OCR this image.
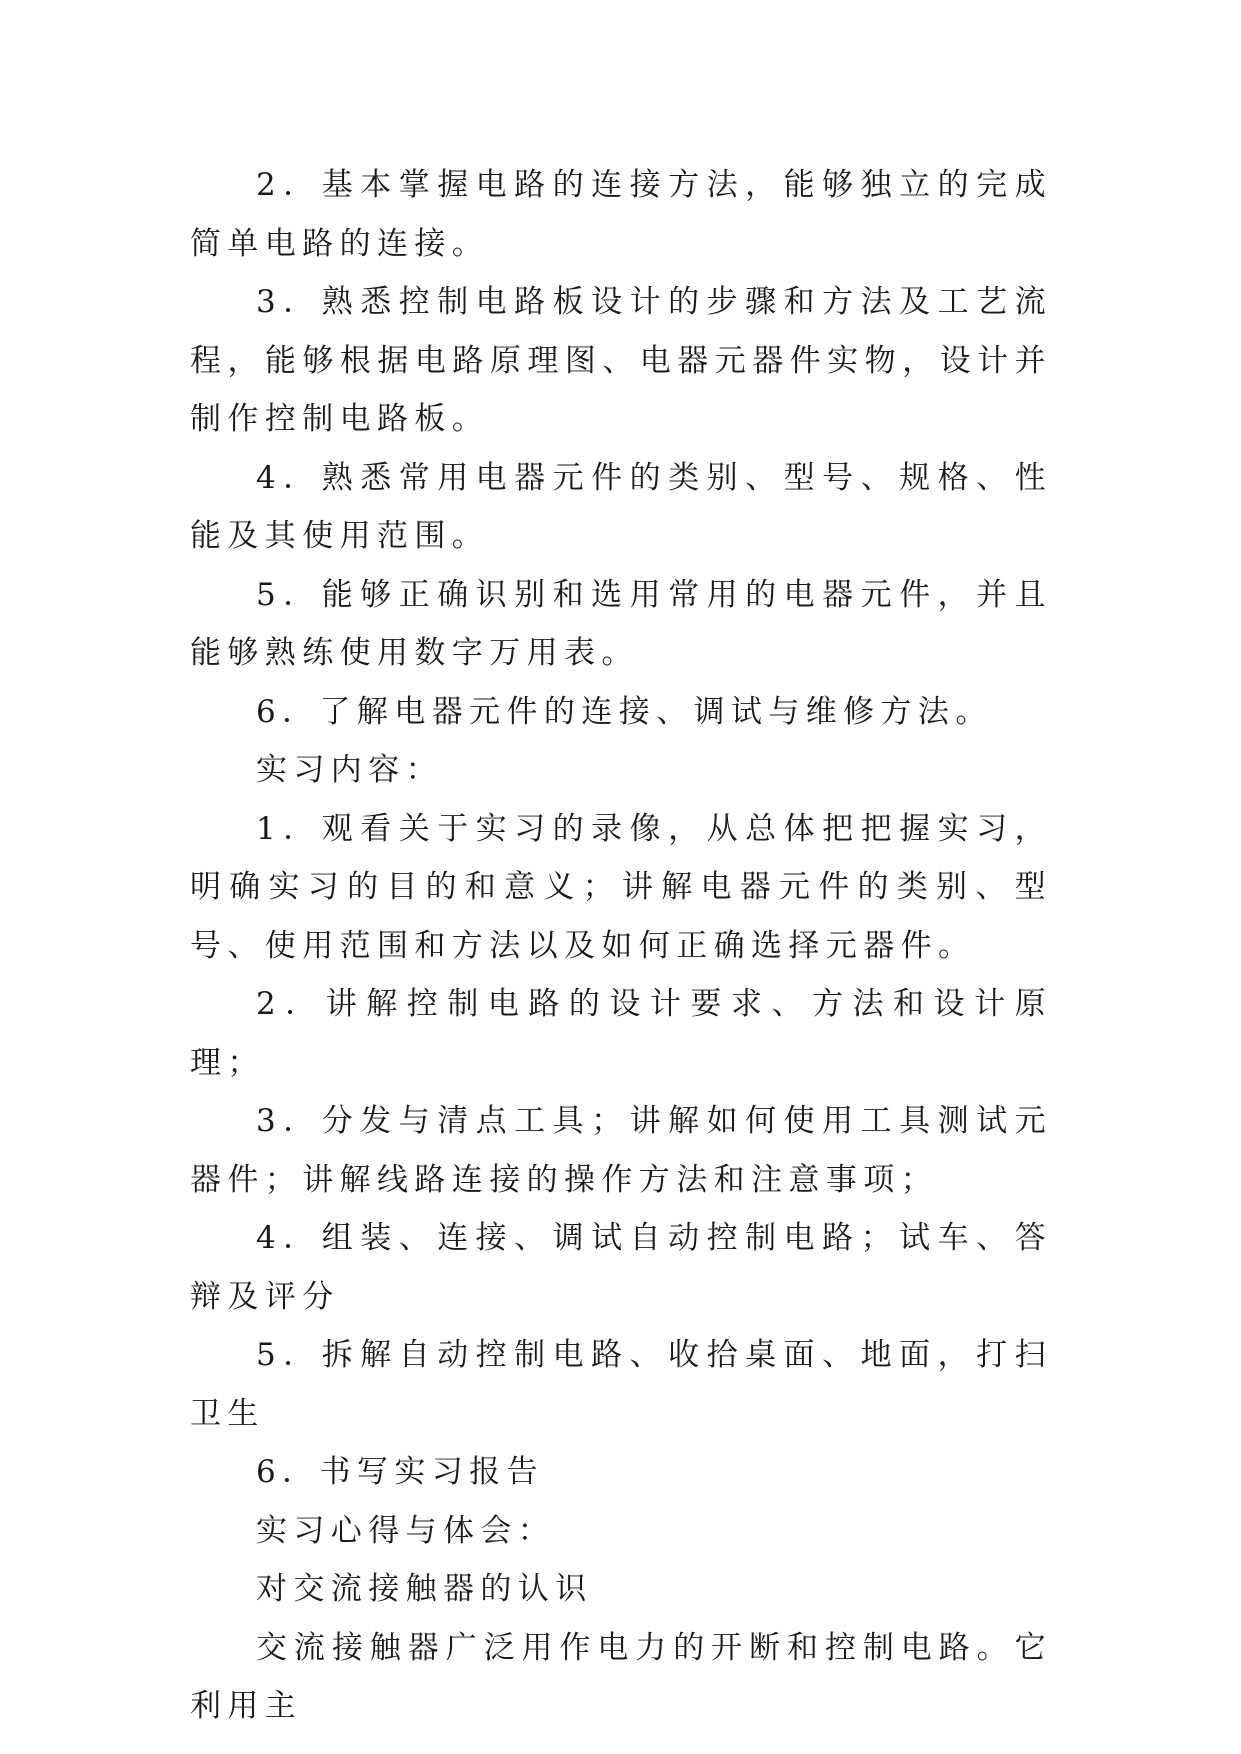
2．基本掌握电路的连接方法，能够独立的完成简单电路的连接。

3．熟悉控制电路板设计的步骤和方法及工艺流程，能够根据电路原理图、电器元器件实物，设计并制作控制电路板。

4．熟悉常用电器元件的类别、型号、规格、性能及其使用范围。

5．能够正确识别和选用常用的电器元件，并且能够熟练使用数字万用表。

6．了解电器元件的连接、调试与维修方法。

实习内容：

1．观看关于实习的录像，从总体把把握实习，明确实习的目的和意义；讲解电器元件的类别、型号、使用范围和方法以及如何正确选择元器件。

2．讲解控制电路的设计要求、方法和设计原理；

3．分发与清点工具；讲解如何使用工具测试元器件；讲解线路连接的操作方法和注意事项；

4．组装、连接、调试自动控制电路；试车、答辩及评分

5．拆解自动控制电路、收拾桌面、地面，打扫卫生

6．书写实习报告

实习心得与体会：

对交流接触器的认识

交流接触器广泛用作电力的开断和控制电路。它利用主
